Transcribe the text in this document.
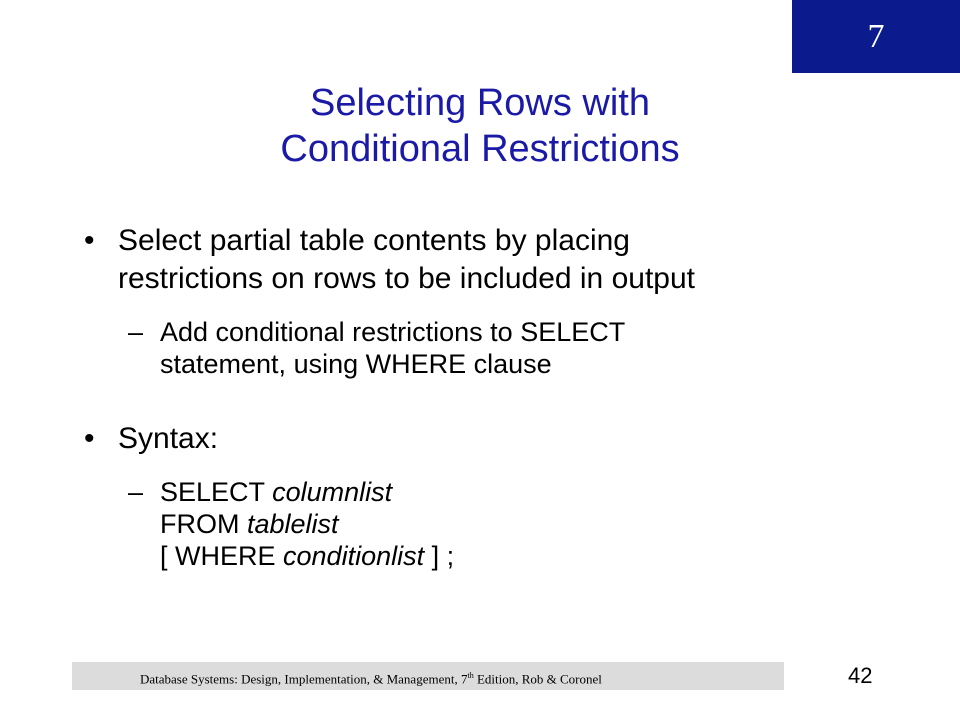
7
Selecting Rows with
Conditional Restrictions
• Select partial table contents by placing
restrictions on rows to be included in output
– Add conditional restrictions to SELECT
statement, using WHERE clause
• Syntax:
– SELECT columnlist
FROM tablelist
[ WHERE conditionlist ] ;
Database Systems: Design, Implementation, & Management, 7th Edition, Rob & Coronel	42
